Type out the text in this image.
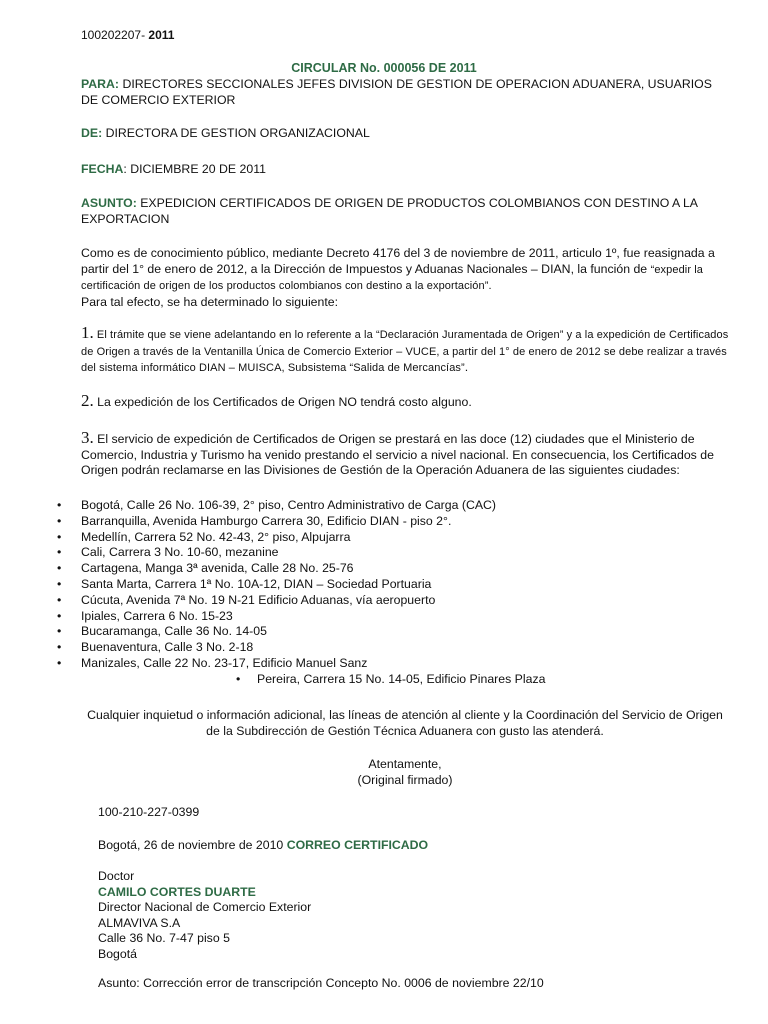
100202207- 2011
CIRCULAR No. 000056 DE 2011
PARA: DIRECTORES SECCIONALES JEFES DIVISION DE GESTION DE OPERACION ADUANERA, USUARIOS DE COMERCIO EXTERIOR
DE: DIRECTORA DE GESTION ORGANIZACIONAL
FECHA: DICIEMBRE 20 DE 2011
ASUNTO: EXPEDICION CERTIFICADOS DE ORIGEN DE PRODUCTOS COLOMBIANOS CON DESTINO A LA EXPORTACION
Como es de conocimiento público, mediante Decreto 4176 del 3 de noviembre de 2011, articulo 1º, fue reasignada a partir del 1° de enero de 2012, a la Dirección de Impuestos y Aduanas Nacionales – DIAN, la función de “expedir la certificación de origen de los productos colombianos con destino a la exportación”.
Para tal efecto, se ha determinado lo siguiente:
1. El trámite que se viene adelantando en lo referente a la “Declaración Juramentada de Origen” y a la expedición de Certificados de Origen a través de la Ventanilla Única de Comercio Exterior – VUCE, a partir del 1° de enero de 2012 se debe realizar a través del sistema informático DIAN – MUISCA, Subsistema “Salida de Mercancías”.
2. La expedición de los Certificados de Origen NO tendrá costo alguno.
3. El servicio de expedición de Certificados de Origen se prestará en las doce (12) ciudades que el Ministerio de Comercio, Industria y Turismo ha venido prestando el servicio a nivel nacional. En consecuencia, los Certificados de Origen podrán reclamarse en las Divisiones de Gestión de la Operación Aduanera de las siguientes ciudades:
• Bogotá, Calle 26 No. 106-39, 2° piso, Centro Administrativo de Carga (CAC)
• Barranquilla, Avenida Hamburgo Carrera 30, Edificio DIAN - piso 2°.
• Medellín, Carrera 52 No. 42-43, 2° piso, Alpujarra
• Cali, Carrera 3 No. 10-60, mezanine
• Cartagena, Manga 3ª avenida, Calle 28 No. 25-76
• Santa Marta, Carrera 1ª No. 10A-12, DIAN – Sociedad Portuaria
• Cúcuta, Avenida 7ª No. 19 N-21 Edificio Aduanas, vía aeropuerto
• Ipiales, Carrera 6 No. 15-23
• Bucaramanga, Calle 36 No. 14-05
• Buenaventura, Calle 3 No. 2-18
• Manizales, Calle 22 No. 23-17, Edificio Manuel Sanz
• Pereira, Carrera 15 No. 14-05, Edificio Pinares Plaza
Cualquier inquietud o información adicional, las líneas de atención al cliente y la Coordinación del Servicio de Origen de la Subdirección de Gestión Técnica Aduanera con gusto las atenderá.
Atentamente,
(Original firmado)
100-210-227-0399
Bogotá, 26 de noviembre de 2010 CORREO CERTIFICADO
Doctor
CAMILO CORTES DUARTE
Director Nacional de Comercio Exterior
ALMAVIVA S.A
Calle 36 No. 7-47 piso 5
Bogotá
Asunto: Corrección error de transcripción Concepto No. 0006 de noviembre 22/10
